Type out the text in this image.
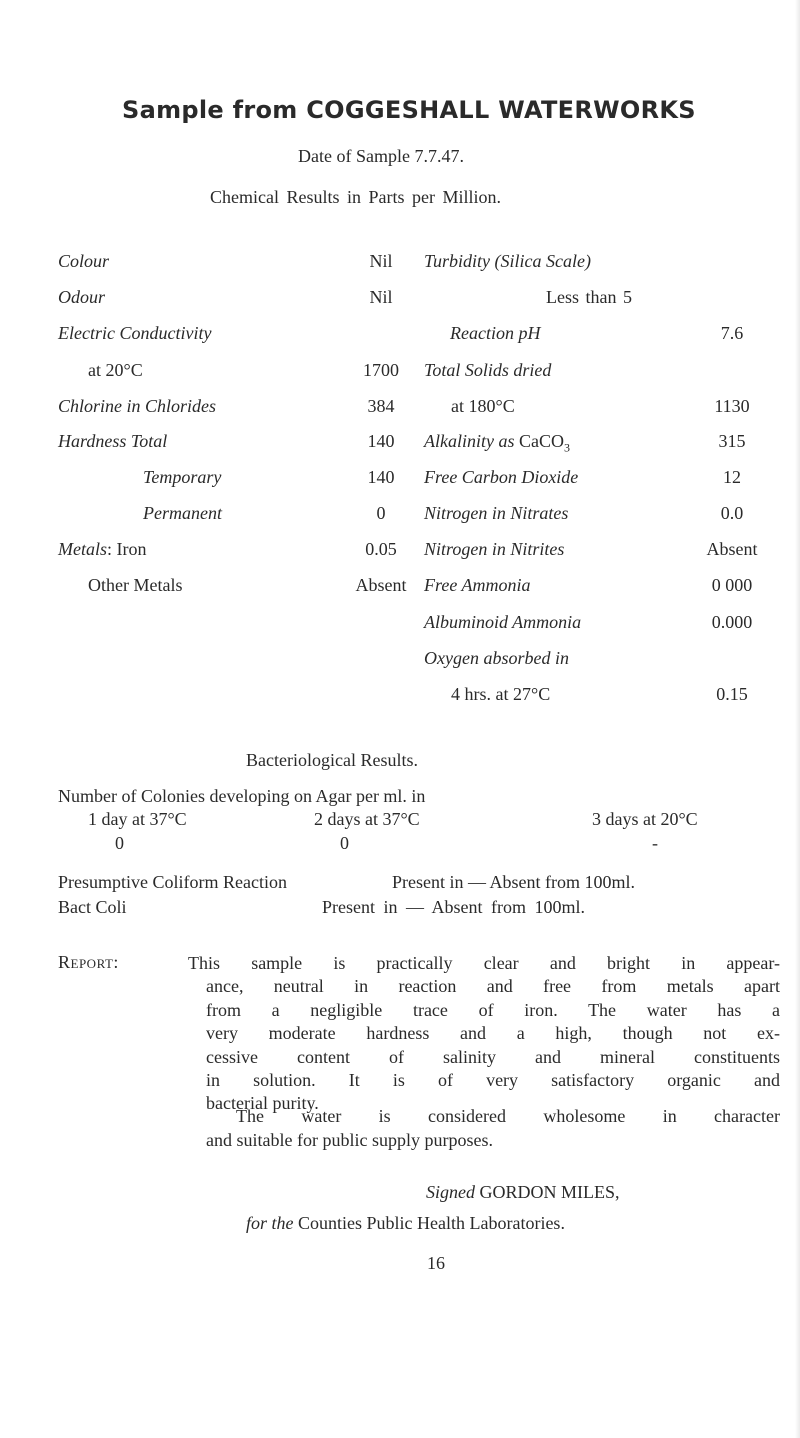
Sample from COGGESHALL WATERWORKS
Date of Sample 7.7.47.
Chemical Results in Parts per Million.
Colour	Nil
Odour	Nil
Electric Conductivity
at 20°C	1700
Chlorine in Chlorides	384
Hardness Total	140
Temporary	140
Permanent	0
Metals: Iron	0.05
Other Metals	Absent
Turbidity (Silica Scale)
Less than 5
Reaction pH	7.6
Total Solids dried
at 180°C	1130
Alkalinity as CaCO$_3$	315
Free Carbon Dioxide	12
Nitrogen in Nitrates	0.0
Nitrogen in Nitrites	Absent
Free Ammonia	0 000
Albuminoid Ammonia	0.000
Oxygen absorbed in
4 hrs. at 27°C	0.15
Bacteriological Results.
Number of Colonies developing on Agar per ml. in
1 day at 37°C	2 days at 37°C	3 days at 20°C
0	0	-
Presumptive Coliform Reaction	Present in — Absent from 100ml.
Bact Coli	Present in — Absent from 100ml.
Report:	This sample is practically clear and bright in appear-
ance, neutral in reaction and free from metals apart
from a negligible trace of iron. The water has a
very moderate hardness and a high, though not ex-
cessive content of salinity and mineral constituents
in solution. It is of very satisfactory organic and
bacterial purity.
The water is considered wholesome in character
and suitable for public supply purposes.
Signed GORDON MILES,
for the Counties Public Health Laboratories.
16
